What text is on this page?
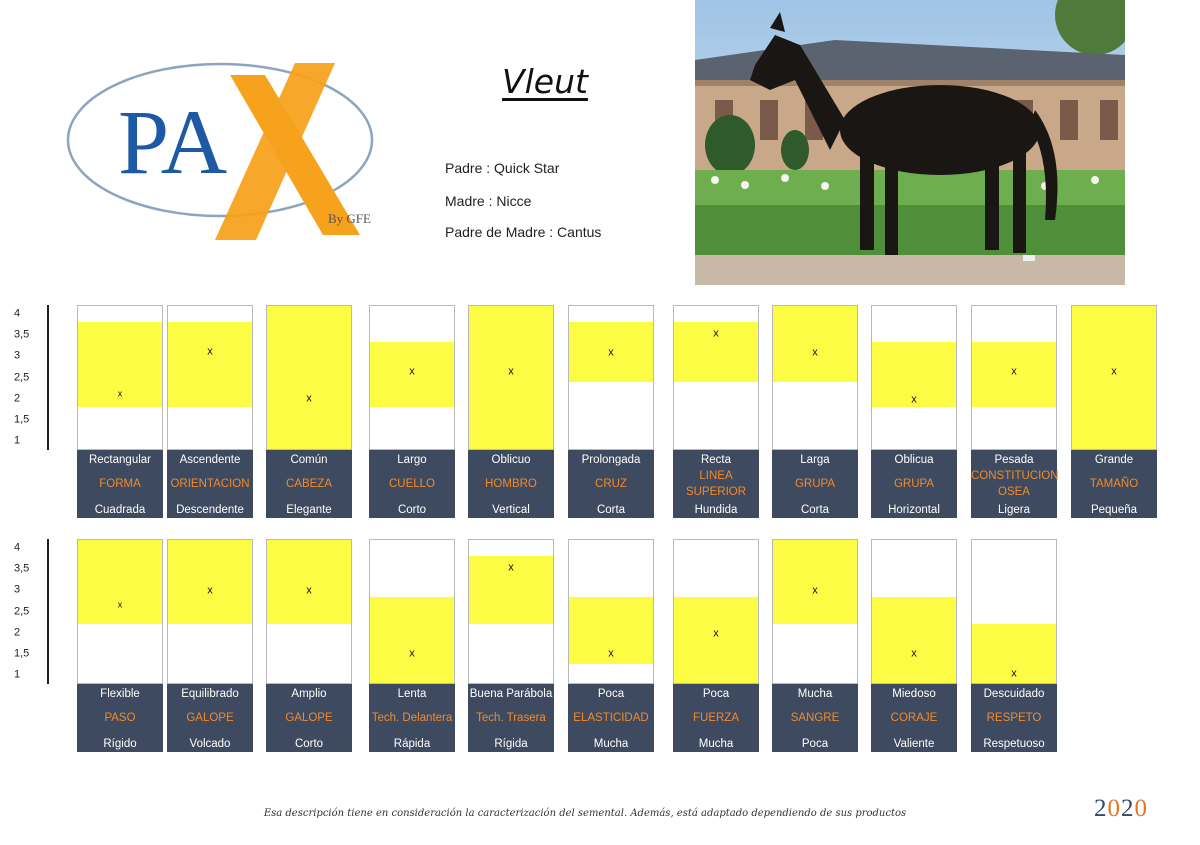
PA
By GFE
Vleut
Padre : Quick Star
Madre : Nicce
Padre de Madre : Cantus
4
3,5
3
2,5
2
1,5
1
x
Rectangular
FORMA
Cuadrada
x
Ascendente
ORIENTACION
Descendente
x
Común
CABEZA
Elegante
x
Largo
CUELLO
Corto
x
Oblicuo
HOMBRO
Vertical
x
Prolongada
CRUZ
Corta
x
Recta
LINEA
SUPERIOR
Hundida
x
Larga
GRUPA
Corta
x
Oblicua
GRUPA
Horizontal
x
Pesada
CONSTITUCION
OSEA
Ligera
x
Grande
TAMAÑO
Pequeña
4
3,5
3
2,5
2
1,5
1
x
Flexible
PASO
Rígido
x
Equilibrado
GALOPE
Volcado
x
Amplio
GALOPE
Corto
x
Lenta
Tech. Delantera
Rápida
x
Buena Parábola
Tech. Trasera
Rígida
x
Poca
ELASTICIDAD
Mucha
x
Poca
FUERZA
Mucha
x
Mucha
SANGRE
Poca
x
Miedoso
CORAJE
Valiente
x
Descuidado
RESPETO
Respetuoso
Esa descripción tiene en consideración la caracterización del semental. Además, está adaptado dependiendo de sus productos	2020
